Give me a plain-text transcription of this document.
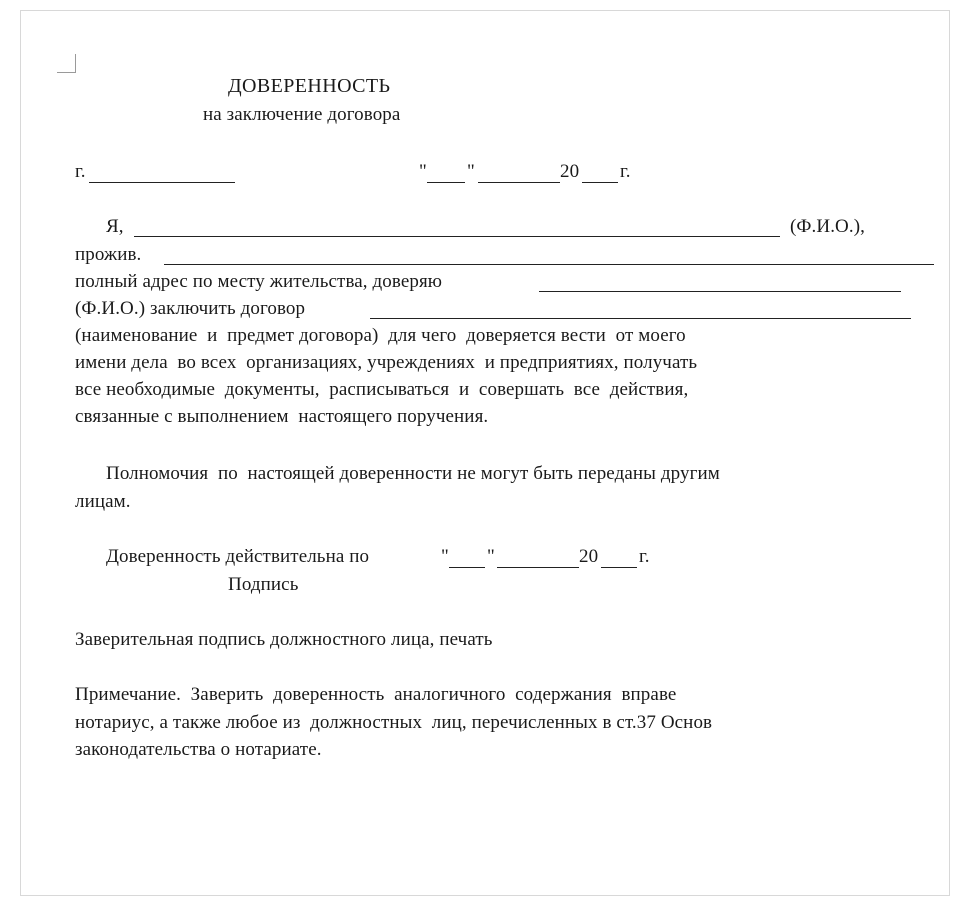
ДОВЕРЕННОСТЬ
на заключение договора
г.	" "	20 г.
Я,	(Ф.И.О.),
прожив.
полный адрес по месту жительства, доверяю
(Ф.И.О.) заключить договор
(наименование  и  предмет договора)  для чего  доверяется вести  от моего
имени дела  во всех  организациях, учреждениях  и предприятиях, получать
все необходимые  документы,  расписываться  и  совершать  все  действия,
связанные с выполнением  настоящего поручения.
Полномочия  по  настоящей доверенности не могут быть переданы другим
лицам.
Доверенность действительна по	" "	20 г.
Подпись
Заверительная подпись должностного лица, печать
Примечание.  Заверить  доверенность  аналогичного  содержания  вправе
нотариус, а также любое из  должностных  лиц, перечисленных в ст.37 Основ
законодательства о нотариате.
